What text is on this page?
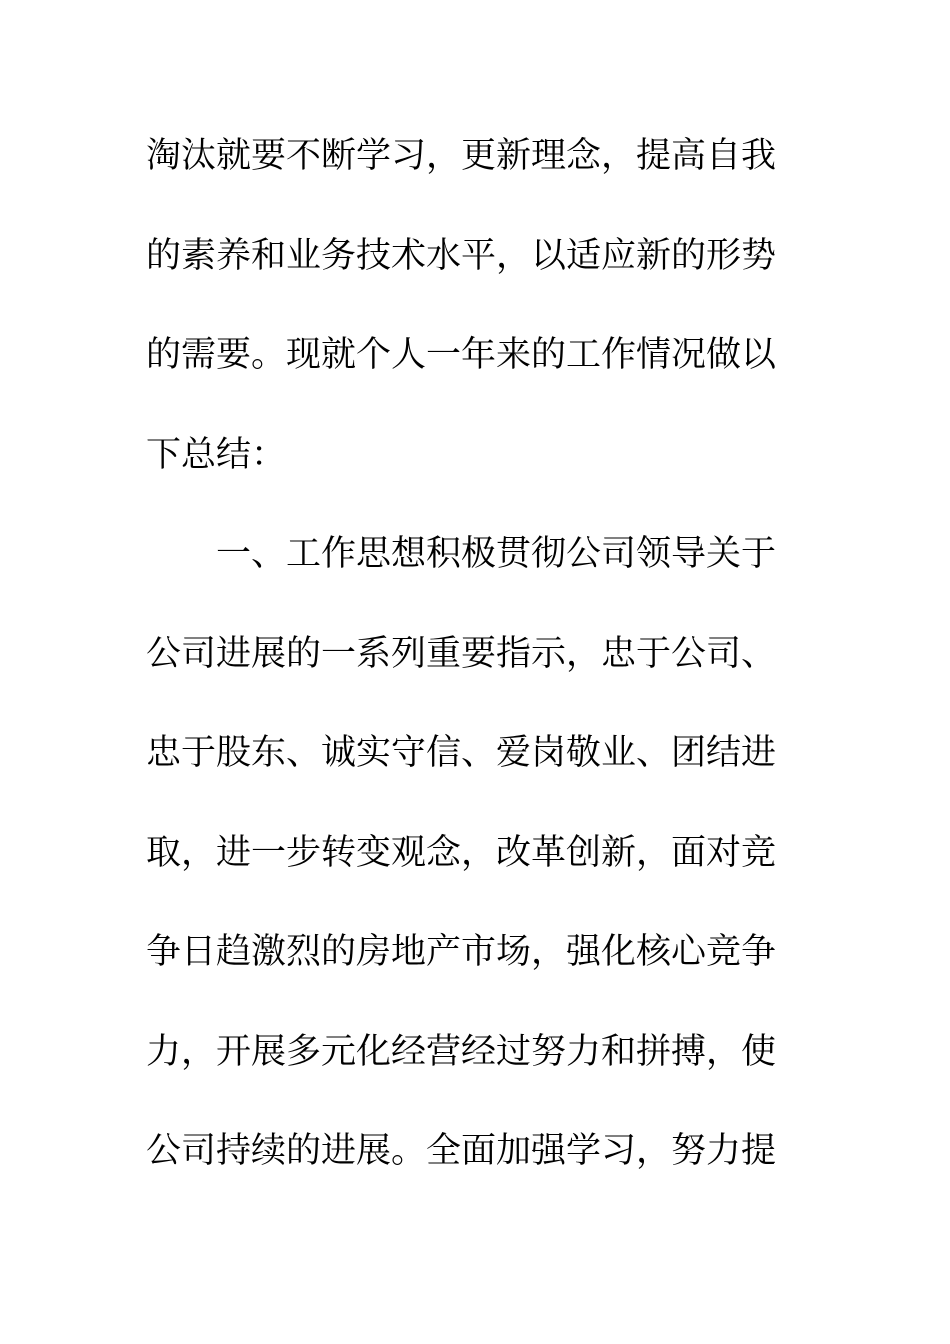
淘汰就要不断学习，更新理念，提高自我
的素养和业务技术水平，以适应新的形势
的需要。现就个人一年来的工作情况做以
下总结：
一、工作思想积极贯彻公司领导关于
公司进展的一系列重要指示，忠于公司、
忠于股东、诚实守信、爱岗敬业、团结进
取，进一步转变观念，改革创新，面对竞
争日趋激烈的房地产市场，强化核心竞争
力，开展多元化经营经过努力和拼搏，使
公司持续的进展。全面加强学习，努力提
